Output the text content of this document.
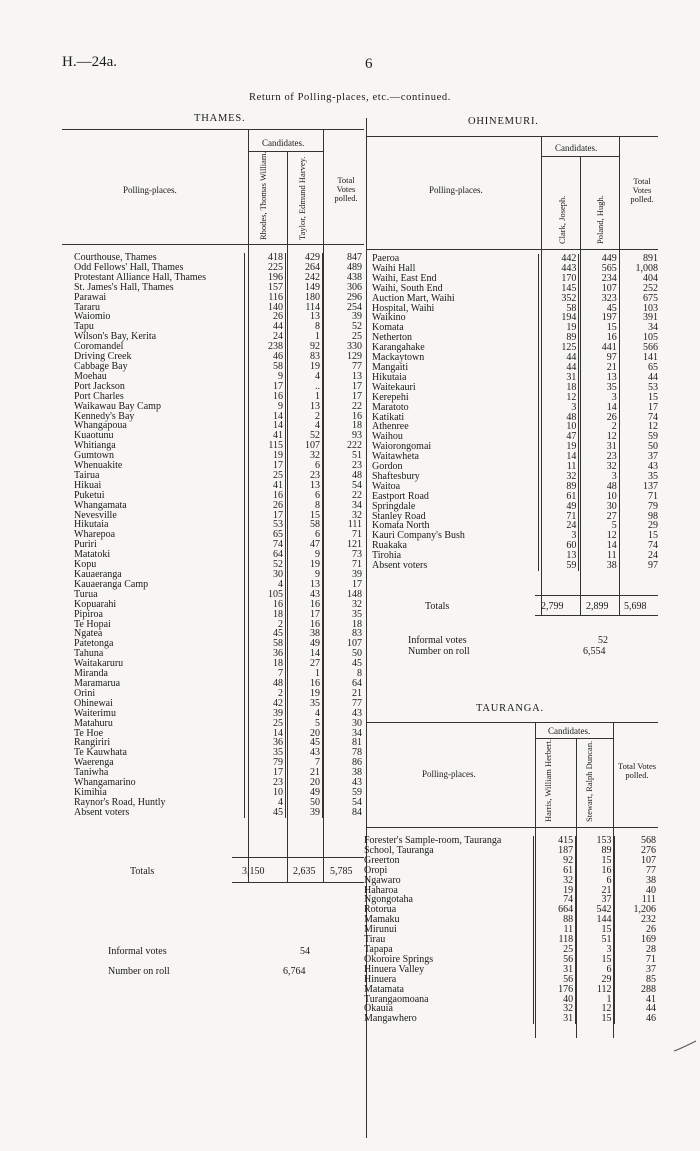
H.—24a.	6
Return of Polling-places, etc.—continued.
THAMES.
Polling-places.
Candidates.
Rhodes, Thomas William.	Taylor, Edmund Harvey.	Total Votes polled.
Courthouse, Thames	418	429	847
Odd Fellows' Hall, Thames	225	264	489
Protestant Alliance Hall, Thames	196	242	438
St. James's Hall, Thames	157	149	306
Parawai	116	180	296
Tararu	140	114	254
Waiomio	26	13	39
Tapu	44	8	52
Wilson's Bay, Kerita	24	1	25
Coromandel	238	92	330
Driving Creek	46	83	129
Cabbage Bay	58	19	77
Moehau	9	4	13
Port Jackson	17	..	17
Port Charles	16	1	17
Waikawau Bay Camp	9	13	22
Kennedy's Bay	14	2	16
Whangapoua	14	4	18
Kuaotunu	41	52	93
Whitianga	115	107	222
Gumtown	19	32	51
Whenuakite	17	6	23
Tairua	25	23	48
Hikuai	41	13	54
Puketui	16	6	22
Whangamata	26	8	34
Nevesville	17	15	32
Hikutaia	53	58	111
Wharepoa	65	6	71
Puriri	74	47	121
Matatoki	64	9	73
Kopu	52	19	71
Kauaeranga	30	9	39
Kauaeranga Camp	4	13	17
Turua	105	43	148
Kopuarahi	16	16	32
Pipiroa	18	17	35
Te Hopai	2	16	18
Ngatea	45	38	83
Patetonga	58	49	107
Tahuna	36	14	50
Waitakaruru	18	27	45
Miranda	7	1	8
Maramarua	48	16	64
Orini	2	19	21
Ohinewai	42	35	77
Waiterimu	39	4	43
Matahuru	25	5	30
Te Hoe	14	20	34
Rangiriri	36	45	81
Te Kauwhata	35	43	78
Waerenga	79	7	86
Taniwha	17	21	38
Whangamarino	23	20	43
Kimihia	10	49	59
Raynor's Road, Huntly	4	50	54
Absent voters	45	39	84
Totals	3,150	2,635 5,785
Informal votes	54
Number on roll	6,764
OHINEMURI.
Polling-places.
Candidates.
Clark, Joseph.	Poland, Hugh.
Total Votes polled.
Paeroa	442	449	891
Waihi Hall	443	565	1,008
Waihi, East End	170	234	404
Waihi, South End	145	107	252
Auction Mart, Waihi	352	323	675
Hospital, Waihi	58	45	103
Waikino	194	197	391
Komata	19	15	34
Netherton	89	16	105
Karangahake	125	441	566
Mackaytown	44	97	141
Mangaiti	44	21	65
Hikutaia	31	13	44
Waitekauri	18	35	53
Kerepehi	12	3	15
Maratoto	3	14	17
Katikati	48	26	74
Athenree	10	2	12
Waihou	47	12	59
Waiorongomai	19	31	50
Waitawheta	14	23	37
Gordon	11	32	43
Shaftesbury	32	3	35
Waitoa	89	48	137
Eastport Road	61	10	71
Springdale	49	30	79
Stanley Road	71	27	98
Komata North	24	5	29
Kauri Company's Bush	3	12	15
Ruakaka	60	14	74
Tirohia	13	11	24
Absent voters	59	38	97
Totals	2,799 2,899 5,698
Informal votes	52
Number on roll	6,554
TAURANGA.
Polling-places.
Candidates.
Harris, William Herbert.	Stewart, Ralph Duncan.	Total Votes polled.
Forester's Sample-room, Tauranga	415	153	568
School, Tauranga	187	89	276
Greerton	92	15	107
Oropi	61	16	77
Ngawaro	32	6	38
Haharoa	19	21	40
Ngongotaha	74	37	111
Rotorua	664	542	1,206
Mamaku	88	144	232
Mirunui	11	15	26
Tirau	118	51	169
Tapapa	25	3	28
Okoroire Springs	56	15	71
Hinuera Valley	31	6	37
Hinuera	56	29	85
Matamata	176	112	288
Turangaomoana	40	1	41
Okauia	32	12	44
Mangawhero	31	15	46
